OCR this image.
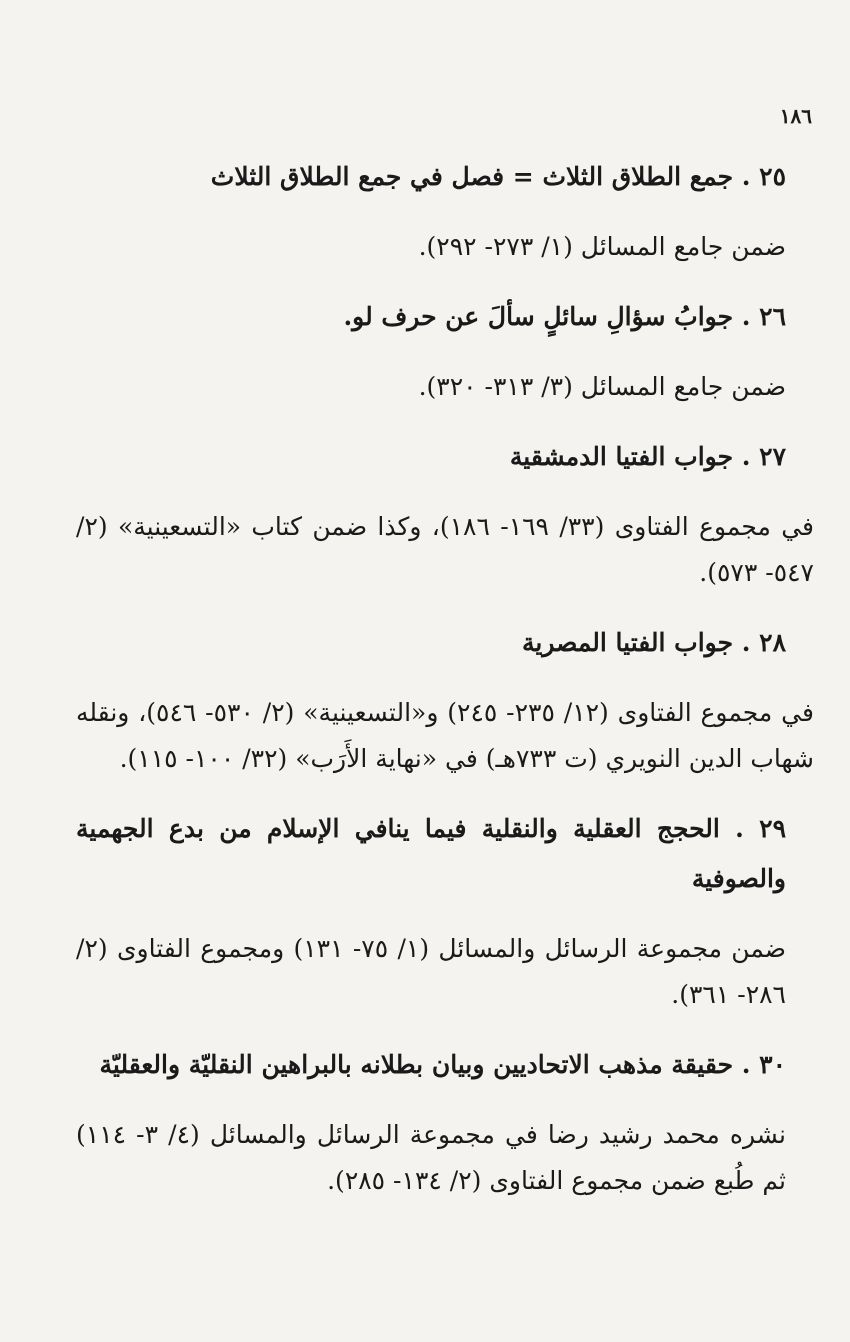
١٨٦
٢٥ . جمع الطلاق الثلاث = فصل في جمع الطلاق الثلاث
ضمن جامع المسائل (١/ ٢٧٣- ٢٩٢).
٢٦ . جوابُ سؤالِ سائلٍ سألَ عن حرف لو.
ضمن جامع المسائل (٣/ ٣١٣- ٣٢٠).
٢٧ . جواب الفتيا الدمشقية
في مجموع الفتاوى (٣٣/ ١٦٩- ١٨٦)، وكذا ضمن كتاب «التسعينية» (٢/ ٥٤٧- ٥٧٣).
٢٨ . جواب الفتيا المصرية
في مجموع الفتاوى (١٢/ ٢٣٥- ٢٤٥) و«التسعينية» (٢/ ٥٣٠- ٥٤٦)، ونقله شهاب الدين النويري (ت ٧٣٣هـ) في «نهاية الأَرَب» (٣٢/ ١٠٠- ١١٥).
٢٩ . الحجج العقلية والنقلية فيما ينافي الإسلام من بدع الجهمية والصوفية
ضمن مجموعة الرسائل والمسائل (١/ ٧٥- ١٣١) ومجموع الفتاوى (٢/ ٢٨٦- ٣٦١).
٣٠ . حقيقة مذهب الاتحاديين وبيان بطلانه بالبراهين النقليّة والعقليّة
نشره محمد رشيد رضا في مجموعة الرسائل والمسائل (٤/ ٣- ١١٤) ثم طُبع ضمن مجموع الفتاوى (٢/ ١٣٤- ٢٨٥).
